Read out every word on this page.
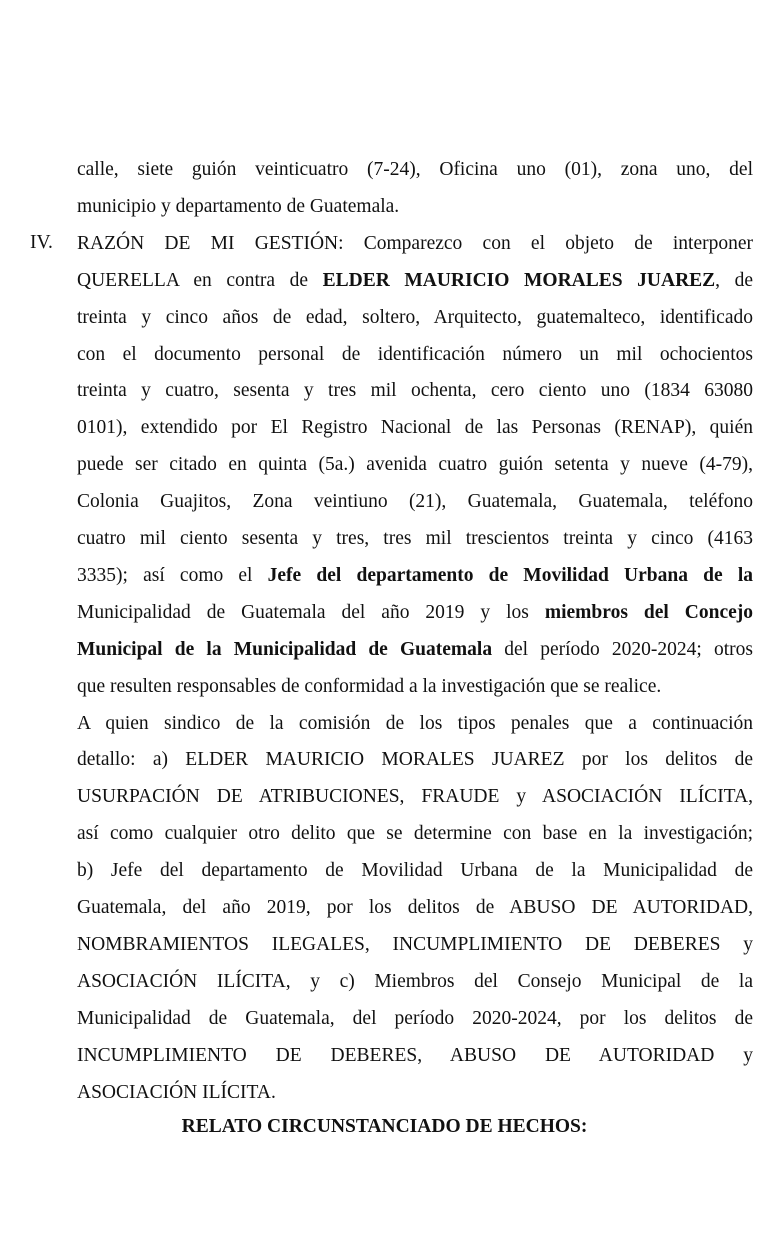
IV.
calle, siete guión veinticuatro (7-24), Oficina uno (01), zona uno, del
municipio y departamento de Guatemala.
RAZÓN DE MI GESTIÓN: Comparezco con el objeto de interponer
QUERELLA en contra de ELDER MAURICIO MORALES JUAREZ, de
treinta y cinco años de edad, soltero, Arquitecto, guatemalteco, identificado
con el documento personal de identificación número un mil ochocientos
treinta y cuatro, sesenta y tres mil ochenta, cero ciento uno (1834 63080
0101), extendido por El Registro Nacional de las Personas (RENAP), quién
puede ser citado en quinta (5a.) avenida cuatro guión setenta y nueve (4-79),
Colonia Guajitos, Zona veintiuno (21), Guatemala, Guatemala, teléfono
cuatro mil ciento sesenta y tres, tres mil trescientos treinta y cinco (4163
3335); así como el Jefe del departamento de Movilidad Urbana de la
Municipalidad de Guatemala del año 2019 y los miembros del Concejo
Municipal de la Municipalidad de Guatemala del período 2020-2024; otros
que resulten responsables de conformidad a la investigación que se realice.
A quien sindico de la comisión de los tipos penales que a continuación
detallo: a) ELDER MAURICIO MORALES JUAREZ por los delitos de
USURPACIÓN DE ATRIBUCIONES, FRAUDE y ASOCIACIÓN ILÍCITA,
así como cualquier otro delito que se determine con base en la investigación;
b) Jefe del departamento de Movilidad Urbana de la Municipalidad de
Guatemala, del año 2019, por los delitos de ABUSO DE AUTORIDAD,
NOMBRAMIENTOS ILEGALES, INCUMPLIMIENTO DE DEBERES y
ASOCIACIÓN ILÍCITA, y c) Miembros del Consejo Municipal de la
Municipalidad de Guatemala, del período 2020-2024, por los delitos de
INCUMPLIMIENTO DE DEBERES, ABUSO DE AUTORIDAD y
ASOCIACIÓN ILÍCITA.
RELATO CIRCUNSTANCIADO DE HECHOS:
